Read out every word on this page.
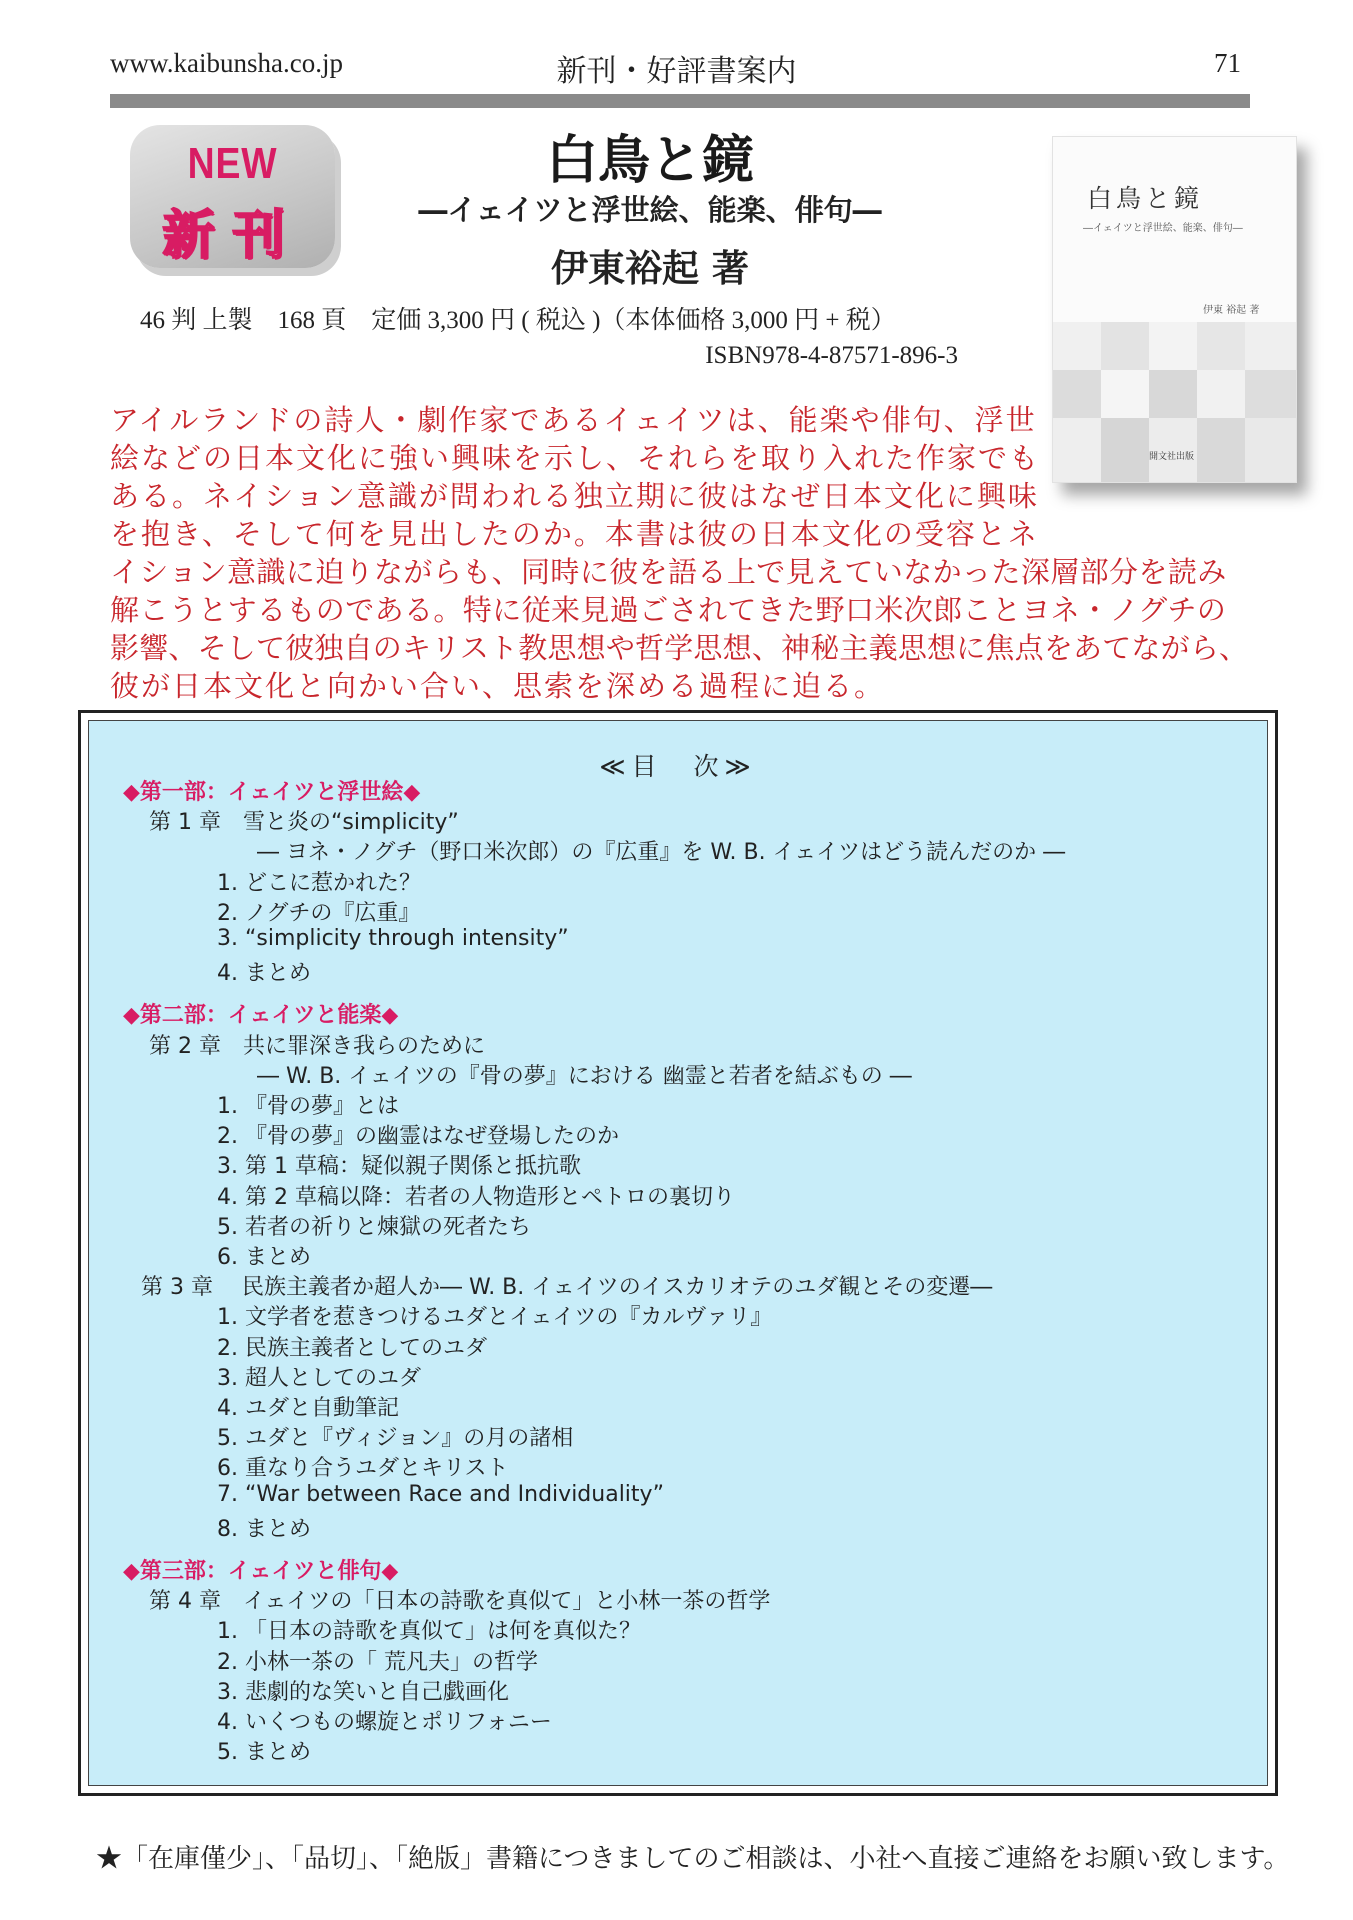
www.kaibunsha.co.jp	新刊・好評書案内	71
NEW
新刊
白鳥と鏡
―イェイツと浮世絵、能楽、俳句―
伊東裕起 著
46 判 上製　168 頁　定価 3,300 円 ( 税込 )（本体価格 3,000 円 + 税）
ISBN978-4-87571-896-3
白鳥と鏡
―イェイツと浮世絵、能楽、俳句―
伊東 裕起 著
開文社出版
アイルランドの詩人・劇作家であるイェイツは、能楽や俳句、浮世
絵などの日本文化に強い興味を示し、それらを取り入れた作家でも
ある。ネイション意識が問われる独立期に彼はなぜ日本文化に興味
を抱き、そして何を見出したのか。本書は彼の日本文化の受容とネ
イション意識に迫りながらも、同時に彼を語る上で見えていなかった深層部分を読み
解こうとするものである。特に従来見過ごされてきた野口米次郎ことヨネ・ノグチの
影響、そして彼独自のキリスト教思想や哲学思想、神秘主義思想に焦点をあてながら、
彼が日本文化と向かい合い、思索を深める過程に迫る。
≪目　次≫
◆第一部：イェイツと浮世絵◆
第 1 章　雪と炎の“simplicity”
― ヨネ・ノグチ（野口米次郎）の『広重』を W. B. イェイツはどう読んだのか ―
1. どこに惹かれた？
2. ノグチの『広重』
3. “simplicity through intensity”
4. まとめ
◆第二部：イェイツと能楽◆
第 2 章　共に罪深き我らのために
― W. B. イェイツの『骨の夢』における 幽霊と若者を結ぶもの ―
1. 『骨の夢』とは
2. 『骨の夢』の幽霊はなぜ登場したのか
3. 第 1 草稿：疑似親子関係と抵抗歌
4. 第 2 草稿以降：若者の人物造形とペトロの裏切り
5. 若者の祈りと煉獄の死者たち
6. まとめ
第 3 章　 民族主義者か超人か― W. B. イェイツのイスカリオテのユダ観とその変遷―
1. 文学者を惹きつけるユダとイェイツの『カルヴァリ』
2. 民族主義者としてのユダ
3. 超人としてのユダ
4. ユダと自動筆記
5. ユダと『ヴィジョン』の月の諸相
6. 重なり合うユダとキリスト
7. “War between Race and Individuality”
8. まとめ
◆第三部：イェイツと俳句◆
第 4 章　イェイツの「日本の詩歌を真似て」と小林一茶の哲学
1. 「日本の詩歌を真似て」は何を真似た？
2. 小林一茶の「 荒凡夫」の哲学
3. 悲劇的な笑いと自己戯画化
4. いくつもの螺旋とポリフォニー
5. まとめ
★「在庫僅少」、「品切」、「絶版」書籍につきましてのご相談は、小社へ直接ご連絡をお願い致します。
